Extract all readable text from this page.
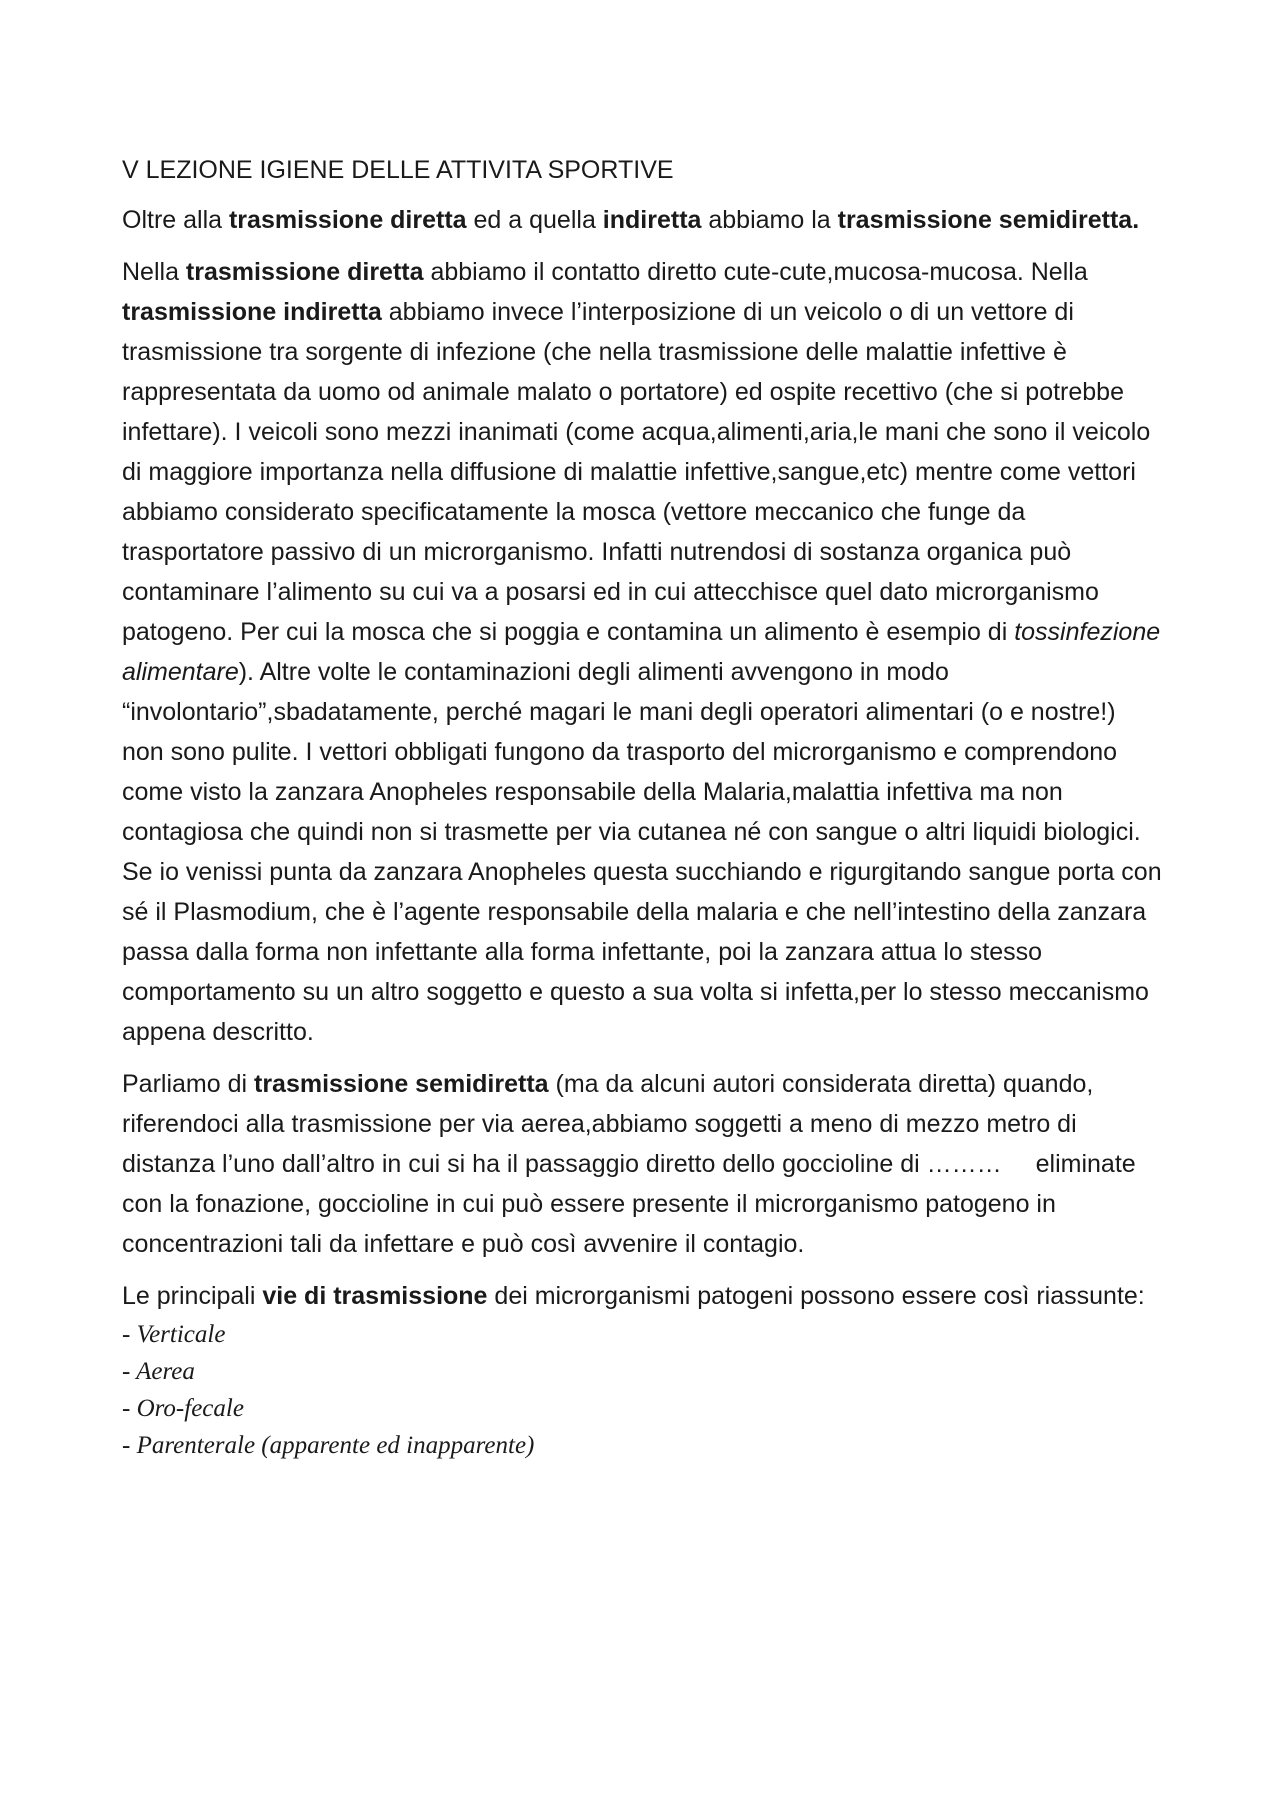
V LEZIONE IGIENE DELLE ATTIVITA SPORTIVE

Oltre alla trasmissione diretta ed a quella indiretta abbiamo la trasmissione semidiretta.

Nella trasmissione diretta abbiamo il contatto diretto cute-cute,mucosa-mucosa. Nella trasmissione indiretta abbiamo invece l’interposizione di un veicolo o di un vettore di trasmissione tra sorgente di infezione (che nella trasmissione delle malattie infettive è rappresentata da uomo od animale malato o portatore) ed ospite recettivo (che si potrebbe infettare). I veicoli sono mezzi inanimati (come acqua,alimenti,aria,le mani che sono il veicolo di maggiore importanza nella diffusione di malattie infettive,sangue,etc) mentre come vettori abbiamo considerato specificatamente la mosca (vettore meccanico che funge da trasportatore passivo di un microrganismo. Infatti nutrendosi di sostanza organica può contaminare l’alimento su cui va a posarsi ed in cui attecchisce quel dato microrganismo patogeno. Per cui la mosca che si poggia e contamina un alimento è esempio di tossinfezione alimentare). Altre volte le contaminazioni degli alimenti avvengono in modo “involontario”,sbadatamente, perché magari le mani degli operatori alimentari (o e nostre!) non sono pulite. I vettori obbligati fungono da trasporto del microrganismo e comprendono come visto la zanzara Anopheles responsabile della Malaria,malattia infettiva ma non contagiosa che quindi non si trasmette per via cutanea né con sangue o altri liquidi biologici. Se io venissi punta da zanzara Anopheles questa succhiando e rigurgitando sangue porta con sé il Plasmodium, che è l’agente responsabile della malaria e che nell’intestino della zanzara passa dalla forma non infettante alla forma infettante, poi la zanzara attua lo stesso comportamento su un altro soggetto e questo a sua volta si infetta,per lo stesso meccanismo appena descritto.

Parliamo di trasmissione semidiretta (ma da alcuni autori considerata diretta) quando, riferendoci alla trasmissione per via aerea,abbiamo soggetti a meno di mezzo metro di distanza l’uno dall’altro in cui si ha il passaggio diretto dello goccioline di ……… eliminate con la fonazione, goccioline in cui può essere presente il microrganismo patogeno in concentrazioni tali da infettare e può così avvenire il contagio.

Le principali vie di trasmissione dei microrganismi patogeni possono essere così riassunte:

- Verticale
- Aerea
- Oro-fecale
- Parenterale (apparente ed inapparente)
